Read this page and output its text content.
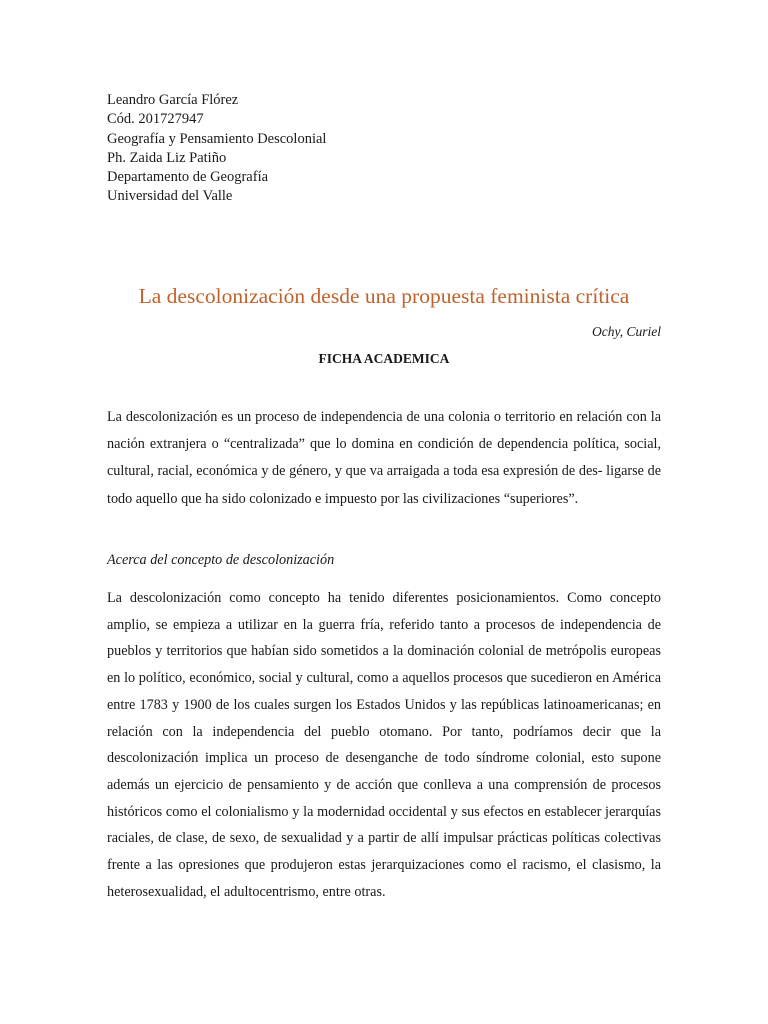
Leandro García Flórez
Cód. 201727947
Geografía y Pensamiento Descolonial
Ph. Zaida Liz Patiño
Departamento de Geografía
Universidad del Valle
La descolonización desde una propuesta feminista crítica
Ochy, Curiel
FICHA ACADEMICA

La descolonización es un proceso de independencia de una colonia o territorio en relación con la nación extranjera o “centralizada” que lo domina en condición de dependencia política, social, cultural, racial, económica y de género, y que va arraigada a toda esa expresión de des- ligarse de todo aquello que ha sido colonizado e impuesto por las civilizaciones “superiores”.

Acerca del concepto de descolonización

La descolonización como concepto ha tenido diferentes posicionamientos. Como concepto amplio, se empieza a utilizar en la guerra fría, referido tanto a procesos de independencia de pueblos y territorios que habían sido sometidos a la dominación colonial de metrópolis europeas en lo político, económico, social y cultural, como a aquellos procesos que sucedieron en América entre 1783 y 1900 de los cuales surgen los Estados Unidos y las repúblicas latinoamericanas; en relación con la independencia del pueblo otomano. Por tanto, podríamos decir que la descolonización implica un proceso de desenganche de todo síndrome colonial, esto supone además un ejercicio de pensamiento y de acción que conlleva a una comprensión de procesos históricos como el colonialismo y la modernidad occidental y sus efectos en establecer jerarquías raciales, de clase, de sexo, de sexualidad y a partir de allí impulsar prácticas políticas colectivas frente a las opresiones que produjeron estas jerarquizaciones como el racismo, el clasismo, la heterosexualidad, el adultocentrismo, entre otras.
